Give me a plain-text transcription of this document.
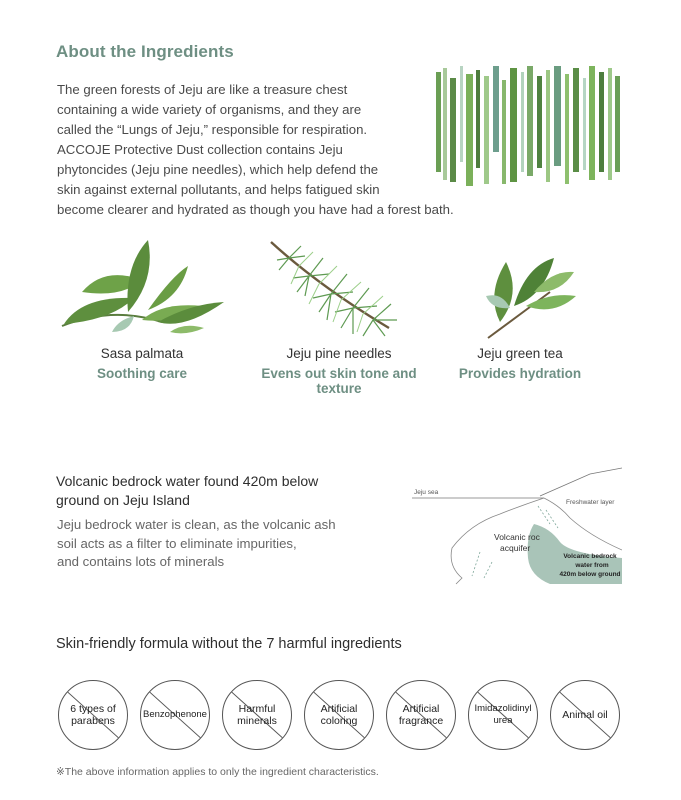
About the Ingredients
The green forests of Jeju are like a treasure chest
containing a wide variety of organisms, and they are
called the “Lungs of Jeju,” responsible for respiration.
ACCOJE Protective Dust collection contains Jeju
phytoncides (Jeju pine needles), which help defend the
skin against external pollutants, and helps fatigued skin
become clearer and hydrated as though you have had a forest bath.
Sasa palmata
Soothing care
Jeju pine needles
Evens out skin tone and texture
Jeju green tea
Provides hydration
Volcanic bedrock water found 420m below
ground on Jeju Island
Jeju bedrock water is clean, as the volcanic ash
soil acts as a filter to eliminate impurities,
and contains lots of minerals
Jeju sea
Freshwater layer
Volcanic roc
acquifer
Volcanic bedrock
water from
420m below ground
Skin-friendly formula without the 7 harmful ingredients
6 types of
parabens
Benzophenone	Harmful
minerals
Artificial
coloring
Artificial
fragrance
Imidazolidinyl
urea	Animal oil
※The above information applies to only the ingredient characteristics.
